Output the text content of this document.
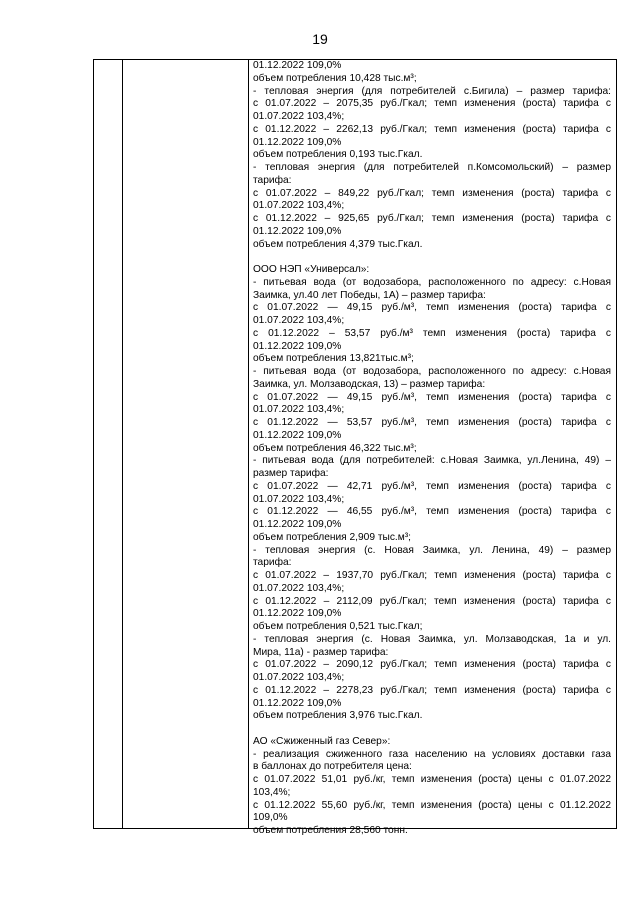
19
01.12.2022 109,0%
объем потребления 10,428 тыс.м³;
- тепловая энергия (для потребителей с.Бигила) – размер тарифа:
с 01.07.2022 – 2075,35 руб./Гкал; темп изменения (роста) тарифа с
01.07.2022 103,4%;
с 01.12.2022 – 2262,13 руб./Гкал; темп изменения (роста) тарифа с
01.12.2022 109,0%
объем потребления 0,193 тыс.Гкал.
- тепловая энергия (для потребителей п.Комсомольский) – размер
тарифа:
с 01.07.2022 – 849,22 руб./Гкал; темп изменения (роста) тарифа с
01.07.2022 103,4%;
с 01.12.2022 – 925,65 руб./Гкал; темп изменения (роста) тарифа с
01.12.2022 109,0%
объем потребления 4,379 тыс.Гкал.
ООО НЭП «Универсал»:
- питьевая вода (от водозабора, расположенного по адресу: с.Новая
Заимка, ул.40 лет Победы, 1А) – размер тарифа:
с 01.07.2022 — 49,15 руб./м³, темп изменения (роста) тарифа с
01.07.2022 103,4%;
с 01.12.2022 – 53,57 руб./м³ темп изменения (роста) тарифа с
01.12.2022 109,0%
объем потребления 13,821тыс.м³;
- питьевая вода (от водозабора, расположенного по адресу: с.Новая
Заимка, ул. Молзаводская, 13) – размер тарифа:
с 01.07.2022 — 49,15 руб./м³, темп изменения (роста) тарифа с
01.07.2022 103,4%;
с 01.12.2022 — 53,57 руб./м³, темп изменения (роста) тарифа с
01.12.2022 109,0%
объем потребления 46,322 тыс.м³;
- питьевая вода (для потребителей: с.Новая Заимка, ул.Ленина, 49) –
размер тарифа:
с 01.07.2022 — 42,71 руб./м³, темп изменения (роста) тарифа с
01.07.2022 103,4%;
с 01.12.2022 — 46,55 руб./м³, темп изменения (роста) тарифа с
01.12.2022 109,0%
объем потребления 2,909 тыс.м³;
- тепловая энергия (с. Новая Заимка, ул. Ленина, 49) – размер
тарифа:
с 01.07.2022 – 1937,70 руб./Гкал; темп изменения (роста) тарифа с
01.07.2022 103,4%;
с 01.12.2022 – 2112,09 руб./Гкал; темп изменения (роста) тарифа с
01.12.2022 109,0%
объем потребления 0,521 тыс.Гкал;
- тепловая энергия (с. Новая Заимка, ул. Молзаводская, 1а и ул.
Мира, 11а) - размер тарифа:
с 01.07.2022 – 2090,12 руб./Гкал; темп изменения (роста) тарифа с
01.07.2022 103,4%;
с 01.12.2022 – 2278,23 руб./Гкал; темп изменения (роста) тарифа с
01.12.2022 109,0%
объем потребления 3,976 тыс.Гкал.
АО «Сжиженный газ Север»:
- реализация сжиженного газа населению на условиях доставки газа
в баллонах до потребителя цена:
с 01.07.2022 51,01 руб./кг, темп изменения (роста) цены с 01.07.2022
103,4%;
с 01.12.2022 55,60 руб./кг, темп изменения (роста) цены с 01.12.2022
109,0%
объем потребления 28,560 тонн.
